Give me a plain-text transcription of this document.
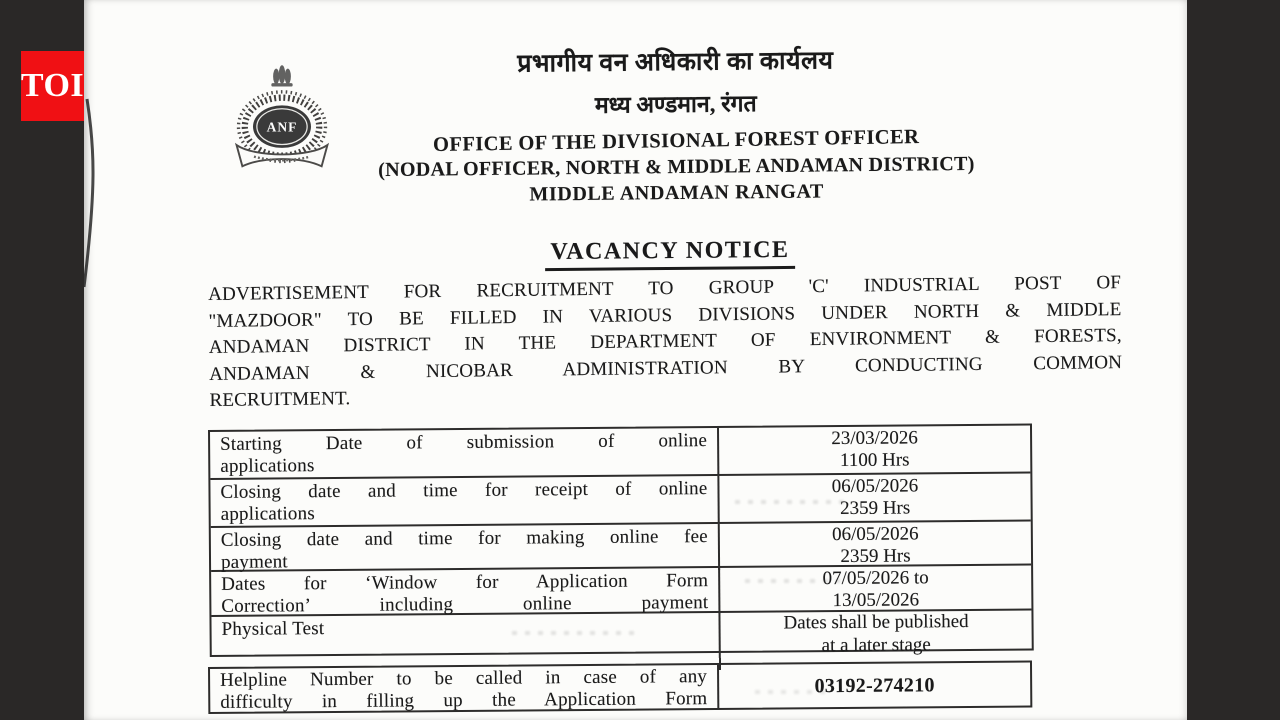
TOI
ANF
प्रभागीय वन अधिकारी का कार्यलय
मध्य अण्डमान, रंगत
OFFICE OF THE DIVISIONAL FOREST OFFICER
(NODAL OFFICER, NORTH & MIDDLE ANDAMAN DISTRICT)
MIDDLE ANDAMAN RANGAT
VACANCY NOTICE
ADVERTISEMENT FOR RECRUITMENT TO GROUP 'C' INDUSTRIAL POST OF
"MAZDOOR" TO BE FILLED IN VARIOUS DIVISIONS UNDER NORTH & MIDDLE
ANDAMAN DISTRICT IN THE DEPARTMENT OF ENVIRONMENT & FORESTS,
ANDAMAN & NICOBAR ADMINISTRATION BY CONDUCTING COMMON
RECRUITMENT.
Starting Date of submission of online
applications
23/03/2026
1100 Hrs
Closing date and time for receipt of online
applications
06/05/2026
2359 Hrs
Closing date and time for making online fee
payment
06/05/2026
2359 Hrs
Dates for ‘Window for Application Form
Correction’ including online payment
07/05/2026 to
13/05/2026
Physical Test	Dates shall be published
at a later stage
Helpline Number to be called in case of any
difficulty in filling up the Application Form
03192-274210
